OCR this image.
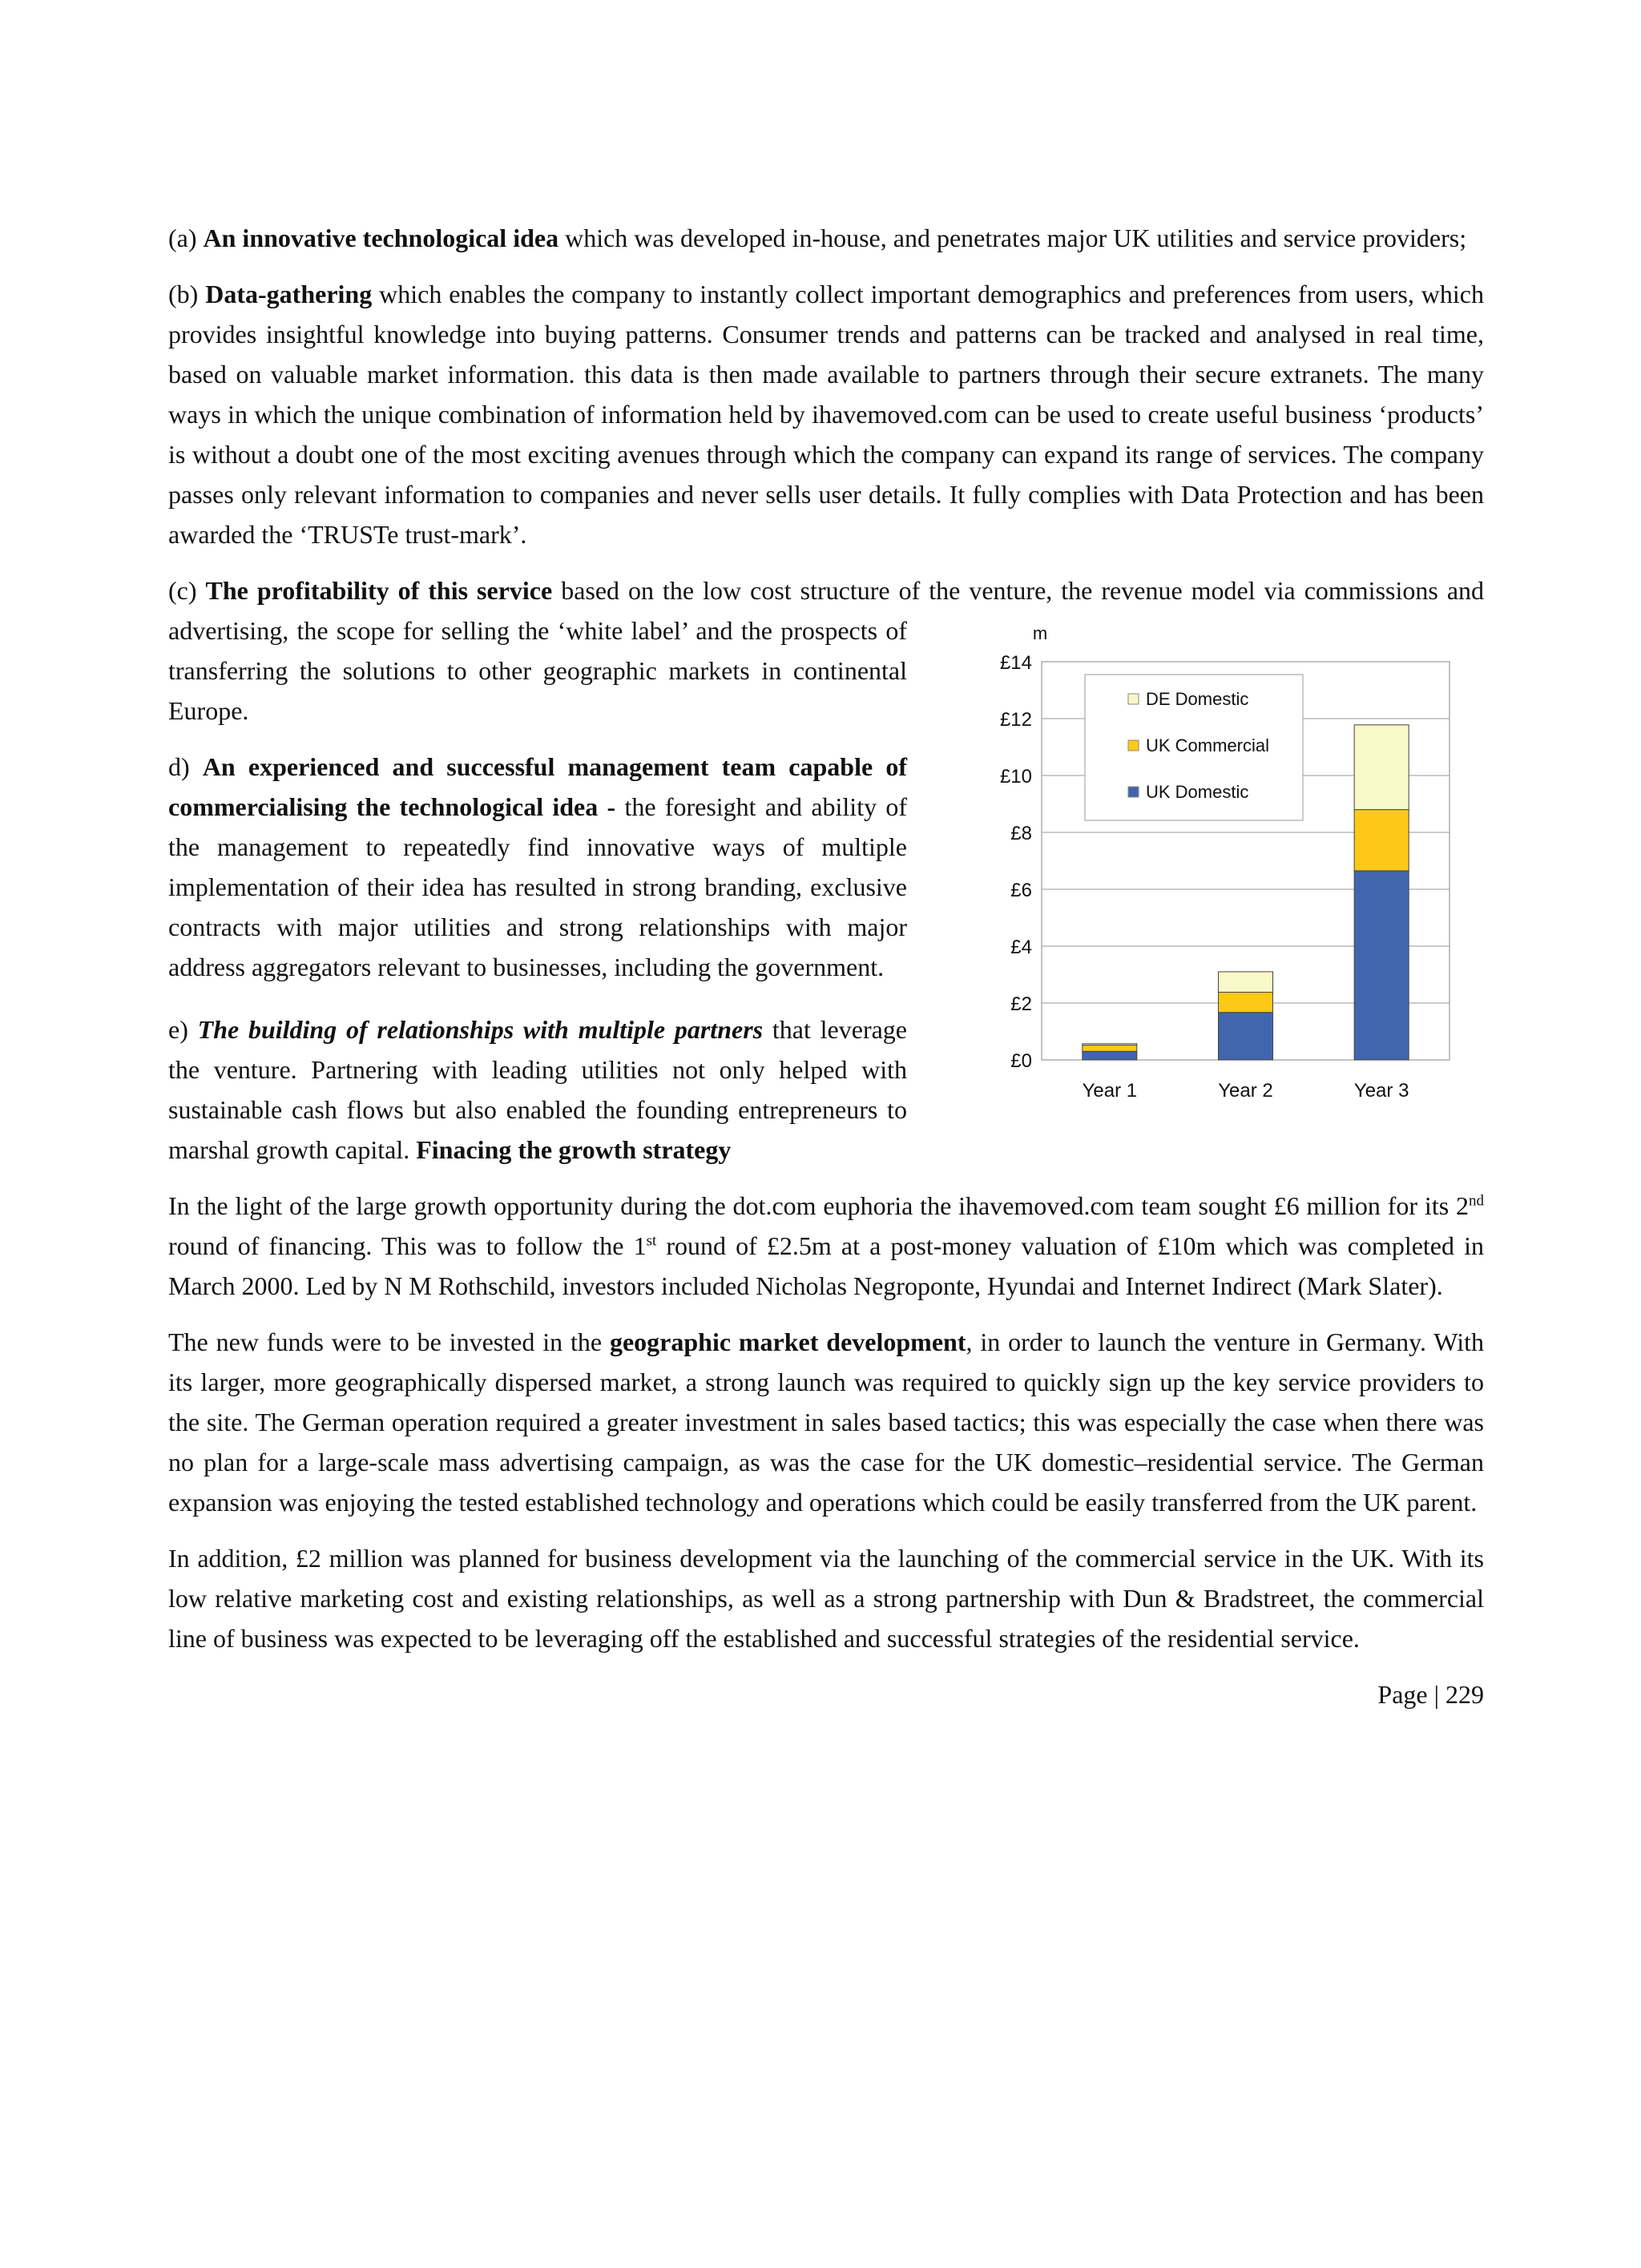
(a) An innovative technological idea which was developed in-house, and penetrates major UK utilities and service providers;

(b) Data-gathering which enables the company to instantly collect important demographics and preferences from users, which provides insightful knowledge into buying patterns. Consumer trends and patterns can be tracked and analysed in real time, based on valuable market information. this data is then made available to partners through their secure extranets. The many ways in which the unique combination of information held by ihavemoved.com can be used to create useful business ‘products’ is without a doubt one of the most exciting avenues through which the company can expand its range of services. The company passes only relevant information to companies and never sells user details. It fully complies with Data Protection and has been awarded the ‘TRUSTe trust-mark’.

£0
£2
£4
£6
£8
£10
£12
£14
m
DE Domestic
UK Commercial
UK Domestic
Year 1	Year 2	Year 3
(c) The profitability of this service based on the low cost structure of the venture, the revenue model via commissions and advertising, the scope for selling the ‘white label’ and the prospects of transferring the solutions to other geographic markets in continental Europe.

d) An experienced and successful management team capable of commercialising the technological idea - the foresight and ability of the management to repeatedly find innovative ways of multiple implementation of their idea has resulted in strong branding, exclusive contracts with major utilities and strong relationships with major address aggregators relevant to businesses, including the government.

e) The building of relationships with multiple partners that leverage the venture. Partnering with leading utilities not only helped with sustainable cash flows but also enabled the founding entrepreneurs to marshal growth capital. Finacing the growth strategy

In the light of the large growth opportunity during the dot.com euphoria the ihavemoved.com team sought £6 million for its 2nd round of financing. This was to follow the 1st round of £2.5m at a post-money valuation of £10m which was completed in March 2000. Led by N M Rothschild, investors included Nicholas Negroponte, Hyundai and Internet Indirect (Mark Slater).

The new funds were to be invested in the geographic market development, in order to launch the venture in Germany. With its larger, more geographically dispersed market, a strong launch was required to quickly sign up the key service providers to the site. The German operation required a greater investment in sales based tactics; this was especially the case when there was no plan for a large-scale mass advertising campaign, as was the case for the UK domestic–residential service. The German expansion was enjoying the tested established technology and operations which could be easily transferred from the UK parent.

In addition, £2 million was planned for business development via the launching of the commercial service in the UK. With its low relative marketing cost and existing relationships, as well as a strong partnership with Dun & Bradstreet, the commercial line of business was expected to be leveraging off the established and successful strategies of the residential service.

Page | 229
